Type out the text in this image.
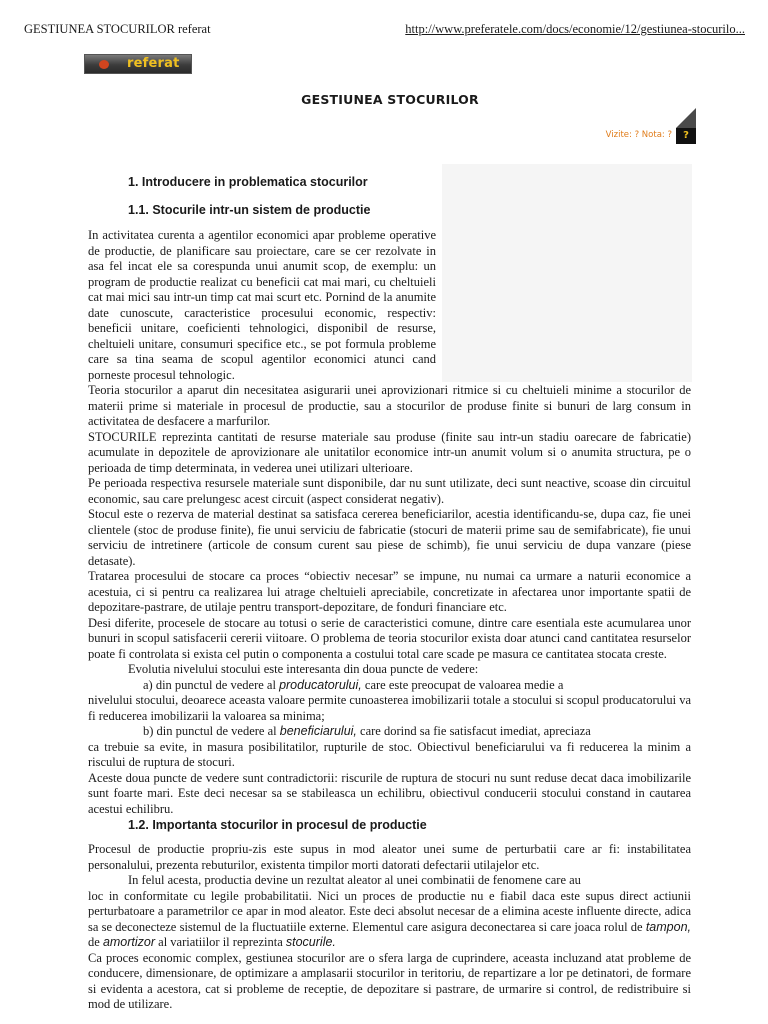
GESTIUNEA STOCURILOR referat	http://www.preferatele.com/docs/economie/12/gestiunea-stocurilo...
referat
GESTIUNEA STOCURILOR
Vizite: ? Nota: ?	?
1. Introducere in problematica stocurilor
1.1. Stocurile intr-un sistem de productie

In activitatea curenta a agentilor economici apar probleme operative de productie, de planificare sau proiectare, care se cer rezolvate in asa fel incat ele sa corespunda unui anumit scop, de exemplu: un program de productie realizat cu beneficii cat mai mari, cu cheltuieli cat mai mici sau intr-un timp cat mai scurt etc. Pornind de la anumite date cunoscute, caracteristice procesului economic, respectiv: beneficii unitare, coeficienti tehnologici, disponibil de resurse, cheltuieli unitare, consumuri specifice etc., se pot formula probleme care sa tina seama de scopul agentilor economici atunci cand porneste procesul tehnologic.

Teoria stocurilor a aparut din necesitatea asigurarii unei aprovizionari ritmice si cu cheltuieli minime a stocurilor de materii prime si materiale in procesul de productie, sau a stocurilor de produse finite si bunuri de larg consum in activitatea de desfacere a marfurilor.

STOCURILE reprezinta cantitati de resurse materiale sau produse (finite sau intr-un stadiu oarecare de fabricatie) acumulate in depozitele de aprovizionare ale unitatilor economice intr-un anumit volum si o anumita structura, pe o perioada de timp determinata, in vederea unei utilizari ulterioare.

Pe perioada respectiva resursele materiale sunt disponibile, dar nu sunt utilizate, deci sunt neactive, scoase din circuitul economic, sau care prelungesc acest circuit (aspect considerat negativ).

Stocul este o rezerva de material destinat sa satisfaca cererea beneficiarilor, acestia identificandu-se, dupa caz, fie unei clientele (stoc de produse finite), fie unui serviciu de fabricatie (stocuri de materii prime sau de semifabricate), fie unui serviciu de intretinere (articole de consum curent sau piese de schimb), fie unui serviciu de dupa vanzare (piese detasate).

Tratarea procesului de stocare ca proces “obiectiv necesar” se impune, nu numai ca urmare a naturii economice a acestuia, ci si pentru ca realizarea lui atrage cheltuieli apreciabile, concretizate in afectarea unor importante spatii de depozitare-pastrare, de utilaje pentru transport-depozitare, de fonduri financiare etc.

Desi diferite, procesele de stocare au totusi o serie de caracteristici comune, dintre care esentiala este acumularea unor bunuri in scopul satisfacerii cererii viitoare. O problema de teoria stocurilor exista doar atunci cand cantitatea resurselor poate fi controlata si exista cel putin o componenta a costului total care scade pe masura ce cantitatea stocata creste.

Evolutia nivelului stocului este interesanta din doua puncte de vedere:

a) din punctul de vedere al producatorului, care este preocupat de valoarea medie a

nivelului stocului, deoarece aceasta valoare permite cunoasterea imobilizarii totale a stocului si scopul producatorului va fi reducerea imobilizarii la valoarea sa minima;

b) din punctul de vedere al beneficiarului, care dorind sa fie satisfacut imediat, apreciaza

ca trebuie sa evite, in masura posibilitatilor, rupturile de stoc. Obiectivul beneficiarului va fi reducerea la minim a riscului de ruptura de stocuri.

Aceste doua puncte de vedere sunt contradictorii: riscurile de ruptura de stocuri nu sunt reduse decat daca imobilizarile sunt foarte mari. Este deci necesar sa se stabileasca un echilibru, obiectivul conducerii stocului constand in cautarea acestui echilibru.

1.2. Importanta stocurilor in procesul de productie

Procesul de productie propriu-zis este supus in mod aleator unei sume de perturbatii care ar fi: instabilitatea personalului, prezenta rebuturilor, existenta timpilor morti datorati defectarii utilajelor etc.

In felul acesta, productia devine un rezultat aleator al unei combinatii de fenomene care au

loc in conformitate cu legile probabilitatii. Nici un proces de productie nu e fiabil daca este supus direct actiunii perturbatoare a parametrilor ce apar in mod aleator. Este deci absolut necesar de a elimina aceste influente directe, adica sa se deconecteze sistemul de la fluctuatiile externe. Elementul care asigura deconectarea si care joaca rolul de tampon, de amortizor al variatiilor il reprezinta stocurile.

Ca proces economic complex, gestiunea stocurilor are o sfera larga de cuprindere, aceasta incluzand atat probleme de conducere, dimensionare, de optimizare a amplasarii stocurilor in teritoriu, de repartizare a lor pe detinatori, de formare si evidenta a acestora, cat si probleme de receptie, de depozitare si pastrare, de urmarire si control, de redistribuire si mod de utilizare.
